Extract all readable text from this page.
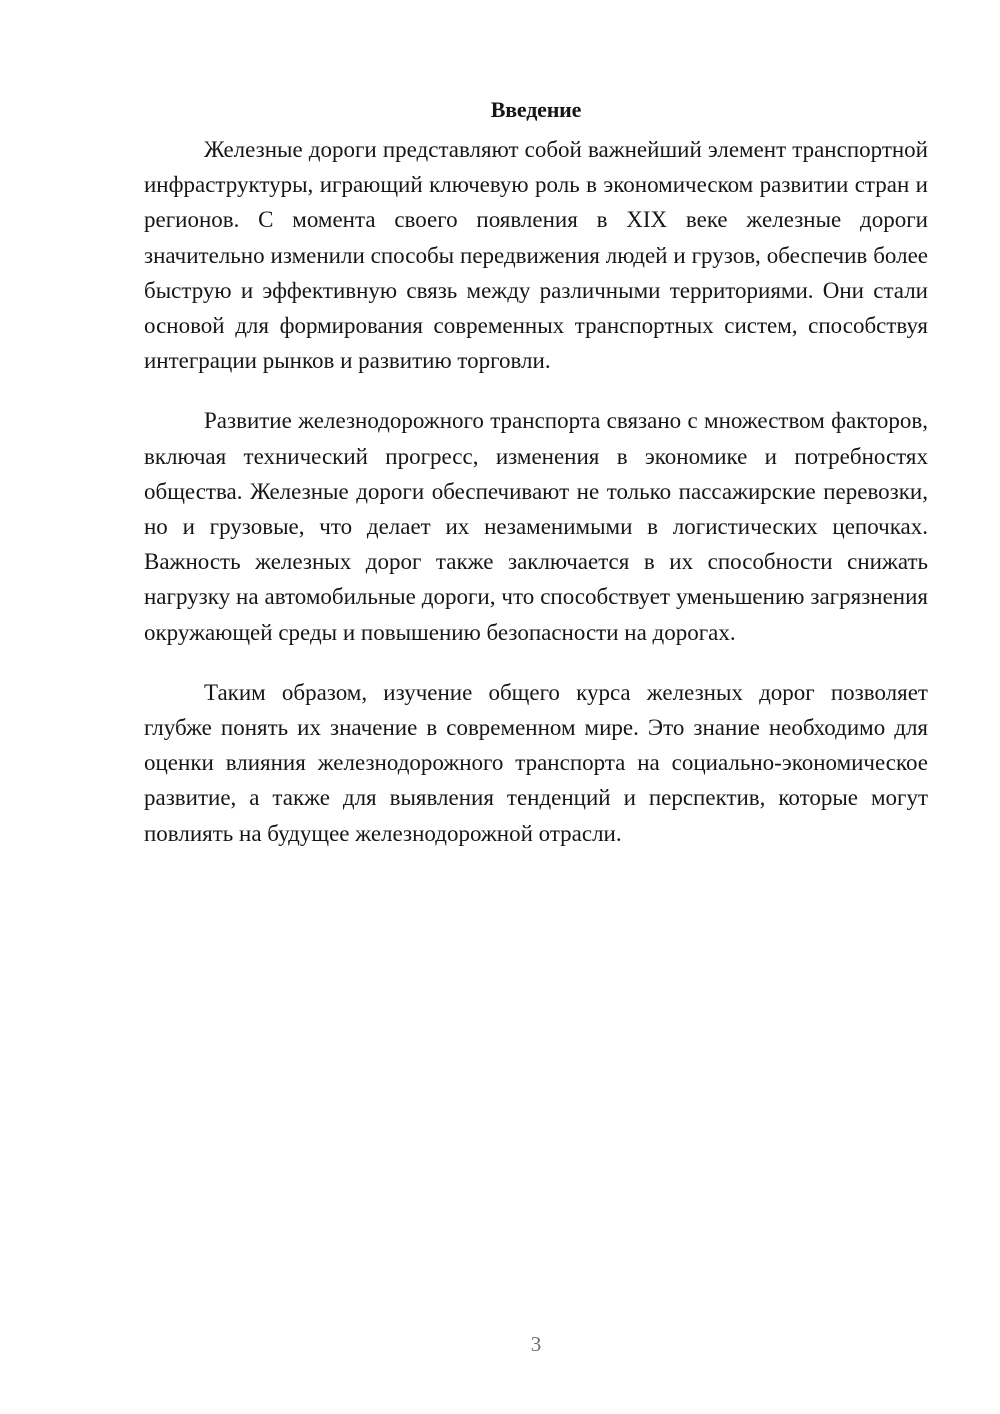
Введение

Железные дороги представляют собой важнейший элемент транспортной инфраструктуры, играющий ключевую роль в экономическом развитии стран и регионов. С момента своего появления в XIX веке железные дороги значительно изменили способы передвижения людей и грузов, обеспечив более быструю и эффективную связь между различными территориями. Они стали основой для формирования современных транспортных систем, способствуя интеграции рынков и развитию торговли.

Развитие железнодорожного транспорта связано с множеством факторов, включая технический прогресс, изменения в экономике и потребностях общества. Железные дороги обеспечивают не только пассажирские перевозки, но и грузовые, что делает их незаменимыми в логистических цепочках. Важность железных дорог также заключается в их способности снижать нагрузку на автомобильные дороги, что способствует уменьшению загрязнения окружающей среды и повышению безопасности на дорогах.

Таким образом, изучение общего курса железных дорог позволяет глубже понять их значение в современном мире. Это знание необходимо для оценки влияния железнодорожного транспорта на социально-экономическое развитие, а также для выявления тенденций и перспектив, которые могут повлиять на будущее железнодорожной отрасли.

3
